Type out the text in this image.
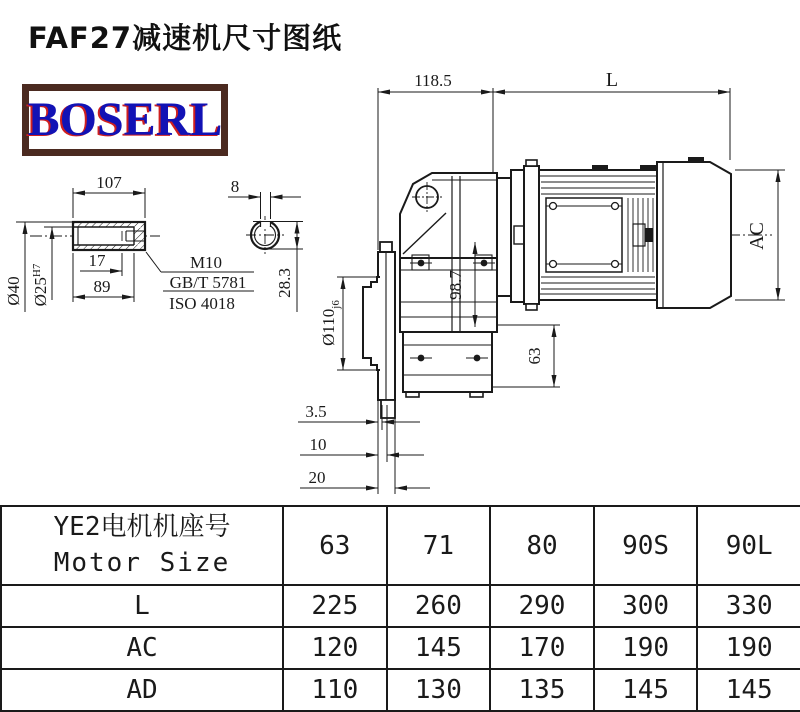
FAF27减速机尺寸图纸
BOSERL
107
17
89
Ø40 $Ø25^{H7}$	M10
GB/T 5781
ISO 4018
8
28.3
118.5	L
$Ø110_{j6}$
98.7
AC
63
3.5
10
20
YE2电机机座号
Motor Size	63	71	80	90S	90L
L	225	260	290	300	330
AC	120	145	170	190	190
AD	110	130	135	145	145
